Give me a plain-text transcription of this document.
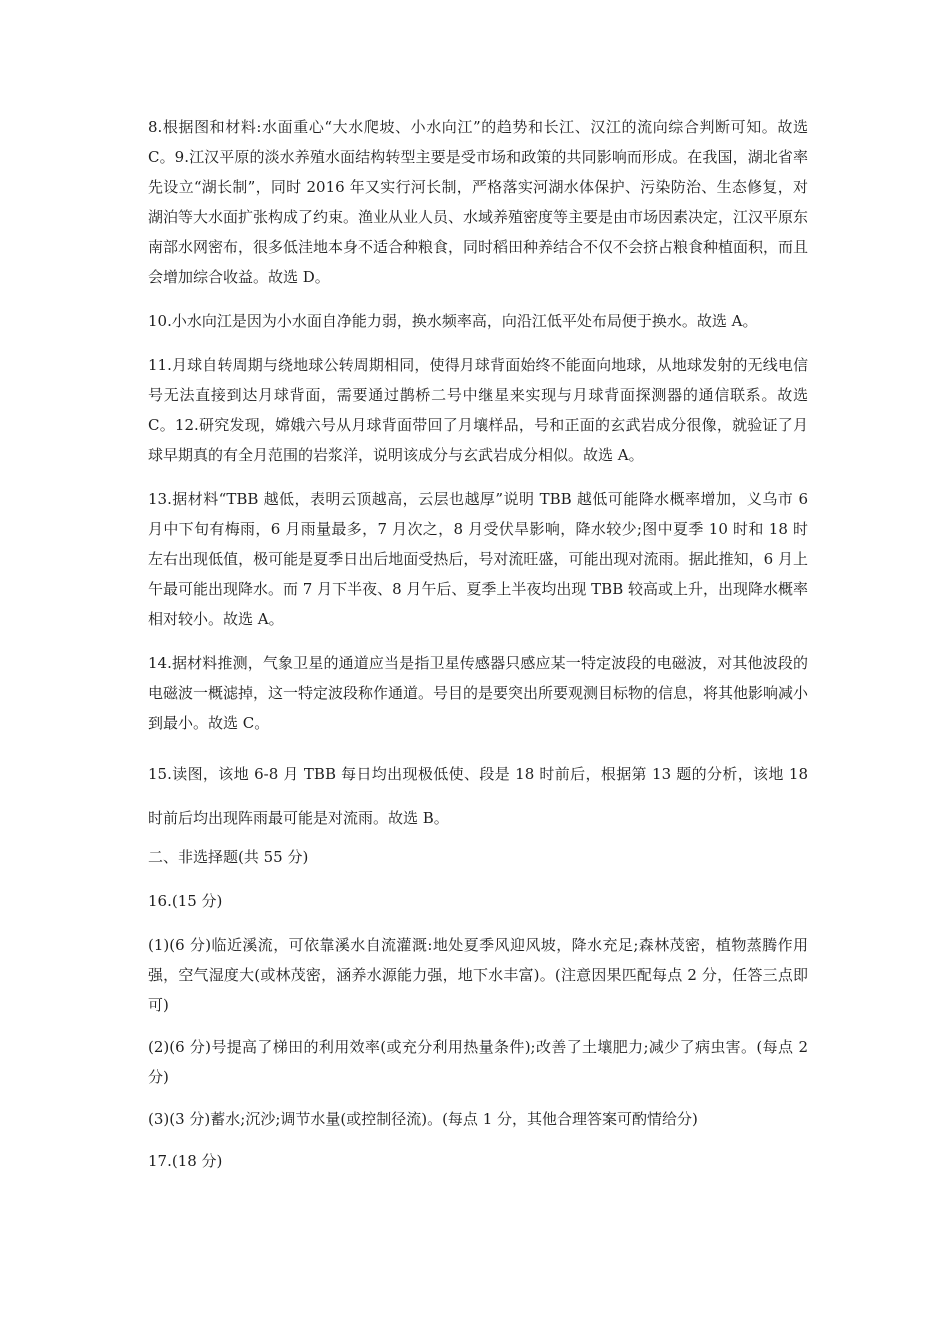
8.根据图和材料:水面重心“大水爬坡、小水向江”的趋势和长江、汉江的流向综合判断可知。故选 C。9.江汉平原的淡水养殖水面结构转型主要是受市场和政策的共同影响而形成。在我国，湖北省率先设立“湖长制”，同时 2016 年又实行河长制，严格落实河湖水体保护、污染防治、生态修复，对湖泊等大水面扩张构成了约束。渔业从业人员、水域养殖密度等主要是由市场因素决定，江汉平原东南部水网密布，很多低洼地本身不适合种粮食，同时稻田种养结合不仅不会挤占粮食种植面积，而且会增加综合收益。故选 D。

10.小水向江是因为小水面自净能力弱，换水频率高，向沿江低平处布局便于换水。故选 A。

11.月球自转周期与绕地球公转周期相同，使得月球背面始终不能面向地球，从地球发射的无线电信号无法直接到达月球背面，需要通过鹊桥二号中继星来实现与月球背面探测器的通信联系。故选 C。12.研究发现，嫦娥六号从月球背面带回了月壤样品，号和正面的玄武岩成分很像，就验证了月球早期真的有全月范围的岩浆洋，说明该成分与玄武岩成分相似。故选 A。

13.据材料“TBB 越低，表明云顶越高，云层也越厚”说明 TBB 越低可能降水概率增加，义乌市 6 月中下旬有梅雨，6 月雨量最多，7 月次之，8 月受伏旱影响，降水较少;图中夏季 10 时和 18 时左右出现低值，极可能是夏季日出后地面受热后，号对流旺盛，可能出现对流雨。据此推知，6 月上午最可能出现降水。而 7 月下半夜、8 月午后、夏季上半夜均出现 TBB 较高或上升，出现降水概率相对较小。故选 A。

14.据材料推测，气象卫星的通道应当是指卫星传感器只感应某一特定波段的电磁波，对其他波段的电磁波一概滤掉，这一特定波段称作通道。号目的是要突出所要观测目标物的信息，将其他影响减小到最小。故选 C。

15.读图，该地 6-8 月 TBB 每日均出现极低使、段是 18 时前后，根据第 13 题的分析，该地 18 时前后均出现阵雨最可能是对流雨。故选 B。

二、非选择题(共 55 分)

16.(15 分)

(1)(6 分)临近溪流，可依靠溪水自流灌溉:地处夏季风迎风坡，降水充足;森林茂密，植物蒸腾作用强，空气湿度大(或林茂密，涵养水源能力强，地下水丰富)。(注意因果匹配每点 2 分，任答三点即可)

(2)(6 分)号提高了梯田的利用效率(或充分利用热量条件);改善了土壤肥力;减少了病虫害。(每点 2 分)

(3)(3 分)蓄水;沉沙;调节水量(或控制径流)。(每点 1 分，其他合理答案可酌情给分)

17.(18 分)
